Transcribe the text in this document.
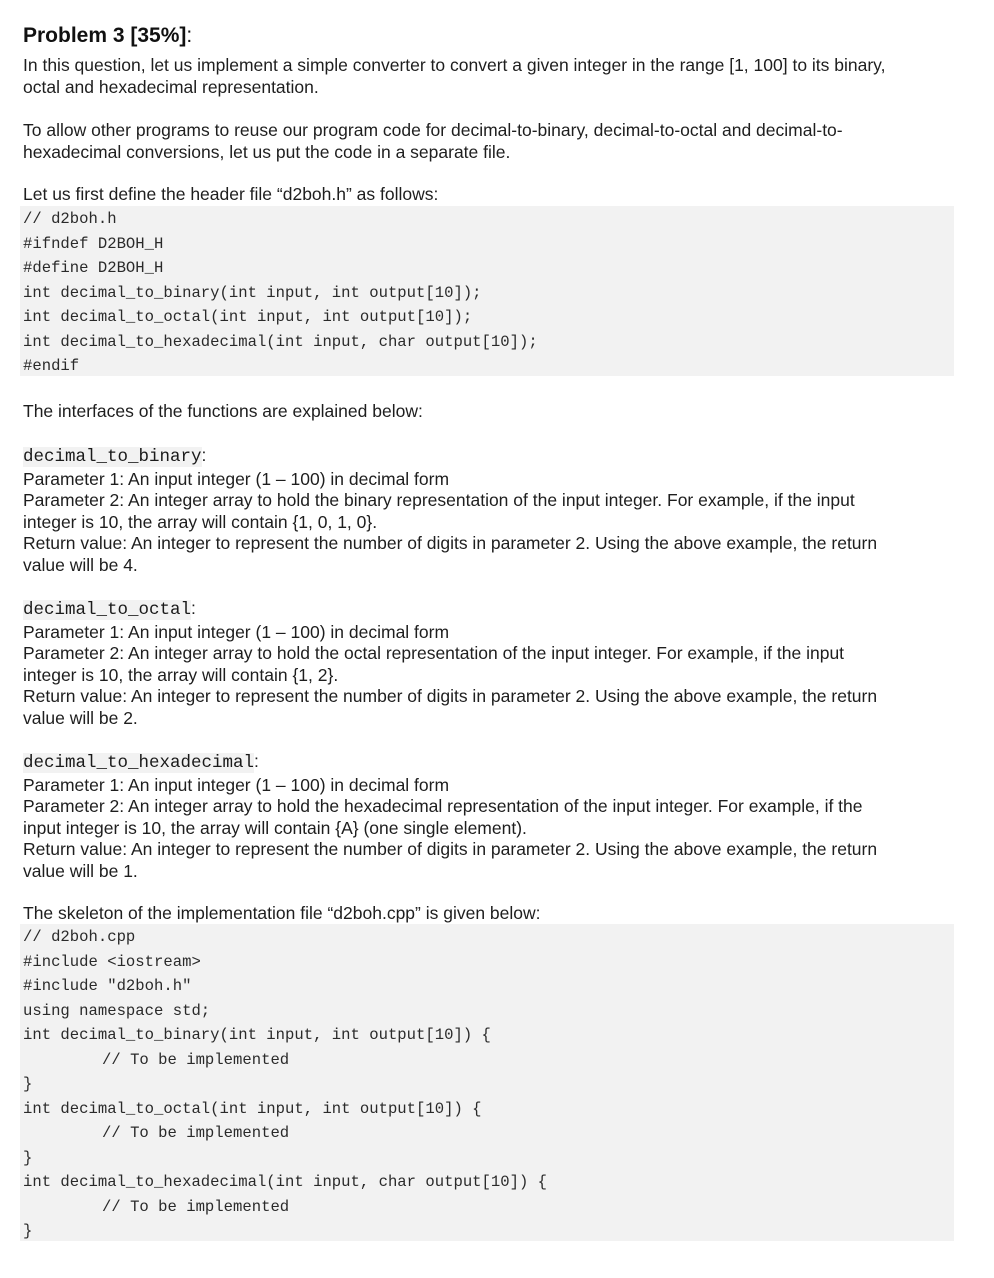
Problem 3 [35%]:
In this question, let us implement a simple converter to convert a given integer in the range [1, 100] to its binary,
octal and hexadecimal representation.
To allow other programs to reuse our program code for decimal-to-binary, decimal-to-octal and decimal-to-
hexadecimal conversions, let us put the code in a separate file.
Let us first define the header file “d2boh.h” as follows:
// d2boh.h
#ifndef D2BOH_H
#define D2BOH_H
int decimal_to_binary(int input, int output[10]);
int decimal_to_octal(int input, int output[10]);
int decimal_to_hexadecimal(int input, char output[10]);
#endif
The interfaces of the functions are explained below:
decimal_to_binary:
Parameter 1: An input integer (1 – 100) in decimal form
Parameter 2: An integer array to hold the binary representation of the input integer. For example, if the input
integer is 10, the array will contain {1, 0, 1, 0}.
Return value: An integer to represent the number of digits in parameter 2. Using the above example, the return
value will be 4.
decimal_to_octal:
Parameter 1: An input integer (1 – 100) in decimal form
Parameter 2: An integer array to hold the octal representation of the input integer. For example, if the input
integer is 10, the array will contain {1, 2}.
Return value: An integer to represent the number of digits in parameter 2. Using the above example, the return
value will be 2.
decimal_to_hexadecimal:
Parameter 1: An input integer (1 – 100) in decimal form
Parameter 2: An integer array to hold the hexadecimal representation of the input integer. For example, if the
input integer is 10, the array will contain {A} (one single element).
Return value: An integer to represent the number of digits in parameter 2. Using the above example, the return
value will be 1.
The skeleton of the implementation file “d2boh.cpp” is given below:
// d2boh.cpp
#include <iostream>
#include "d2boh.h"
using namespace std;
int decimal_to_binary(int input, int output[10]) {
// To be implemented
}
int decimal_to_octal(int input, int output[10]) {
// To be implemented
}
int decimal_to_hexadecimal(int input, char output[10]) {
// To be implemented
}
